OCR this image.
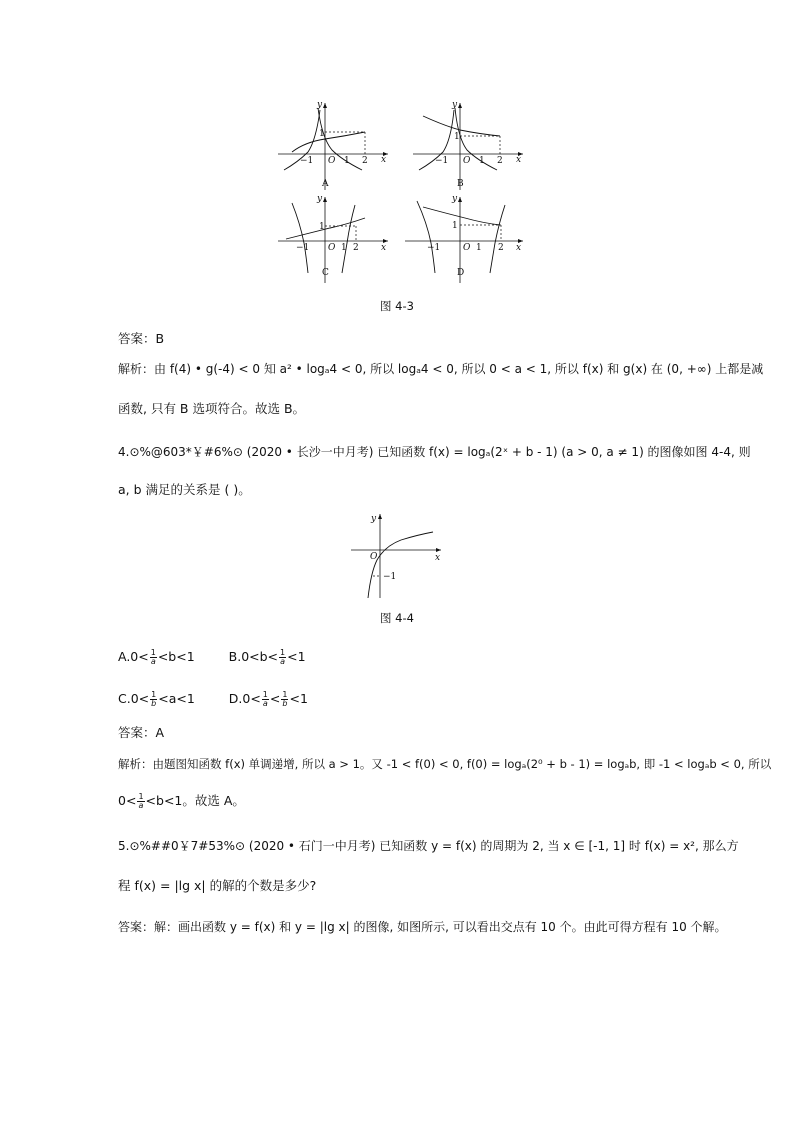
y
x
O
−1
1
1 2
A
y
x
O
−1
1
1 2
B
y
x
O
−1
1
1 2
C
y
x
O
−1
1
1 2
D
图 4-3
答案：B
解析：由 f(4) • g(-4) < 0 知 a² • logₐ4 < 0, 所以 logₐ4 < 0, 所以 0 < a < 1, 所以 f(x) 和 g(x) 在 (0, +∞) 上都是减
函数, 只有 B 选项符合。故选 B。
4.⊙%@603*￥#6%⊙ (2020 • 长沙一中月考) 已知函数 f(x) = logₐ(2ˣ + b - 1) (a > 0, a ≠ 1) 的图像如图 4-4, 则
a, b 满足的关系是 ( )。
y
x
O
−1
图 4-4
$A.0< \frac{1}{a} <b<1$	$B.0<b< \frac{1}{a} <1$
$C.0< \frac{1}{b} <a<1$	$D.0< \frac{1}{a} < \frac{1}{b} <1$
答案：A
解析：由题图知函数 f(x) 单调递增, 所以 a > 1。又 -1 < f(0) < 0, f(0) = logₐ(2⁰ + b - 1) = logₐb, 即 -1 < logₐb < 0, 所以
$0< \frac{1}{a} <b<1$。故选 A。
5.⊙%##0￥7#53%⊙ (2020 • 石门一中月考) 已知函数 y = f(x) 的周期为 2, 当 x ∈ [-1, 1] 时 f(x) = x², 那么方
程 f(x) = |lg x| 的解的个数是多少?
答案：解：画出函数 y = f(x) 和 y = |lg x| 的图像, 如图所示, 可以看出交点有 10 个。由此可得方程有 10 个解。
